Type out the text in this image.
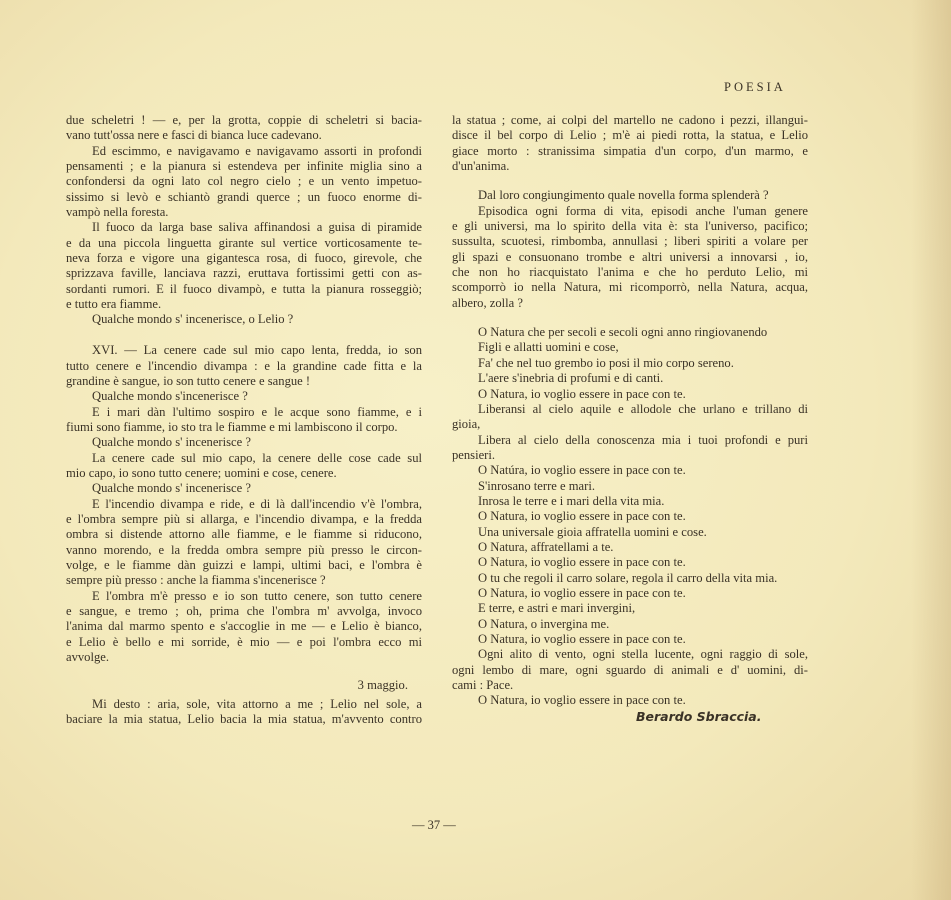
POESIA
due scheletri ! — e, per la grotta, coppie di scheletri si bacia-
vano tutt'ossa nere e fasci di bianca luce cadevano.
Ed escimmo, e navigavamo e navigavamo assorti in profondi
pensamenti ; e la pianura si estendeva per infinite miglia sino a
confondersi da ogni lato col negro cielo ; e un vento impetuo-
sissimo si levò e schiantò grandi querce ; un fuoco enorme di-
vampò nella foresta.
Il fuoco da larga base saliva affinandosi a guisa di piramide
e da una piccola linguetta girante sul vertice vorticosamente te-
neva forza e vigore una gigantesca rosa, di fuoco, girevole, che
sprizzava faville, lanciava razzi, eruttava fortissimi getti con as-
sordanti rumori. E il fuoco divampò, e tutta la pianura rosseggiò;
e tutto era fiamme.
Qualche mondo s' incenerisce, o Lelio ?
XVI. — La cenere cade sul mio capo lenta, fredda, io son
tutto cenere e l'incendio divampa : e la grandine cade fitta e la
grandine è sangue, io son tutto cenere e sangue !
Qualche mondo s'incenerisce ?
E i mari dàn l'ultimo sospiro e le acque sono fiamme, e i
fiumi sono fiamme, io sto tra le fiamme e mi lambiscono il corpo.
Qualche mondo s' incenerisce ?
La cenere cade sul mio capo, la cenere delle cose cade sul
mio capo, io sono tutto cenere; uomini e cose, cenere.
Qualche mondo s' incenerisce ?
E l'incendio divampa e ride, e di là dall'incendio v'è l'ombra,
e l'ombra sempre più si allarga, e l'incendio divampa, e la fredda
ombra si distende attorno alle fiamme, e le fiamme si riducono,
vanno morendo, e la fredda ombra sempre più presso le circon-
volge, e le fiamme dàn guizzi e lampi, ultimi baci, e l'ombra è
sempre più presso : anche la fiamma s'incenerisce ?
E l'ombra m'è presso e io son tutto cenere, son tutto cenere
e sangue, e tremo ; oh, prima che l'ombra m' avvolga, invoco
l'anima dal marmo spento e s'accoglie in me — e Lelio è bianco,
e Lelio è bello e mi sorride, è mio — e poi l'ombra ecco mi
avvolge.
3 maggio.
Mi desto : aria, sole, vita attorno a me ; Lelio nel sole, a
baciare la mia statua, Lelio bacia la mia statua, m'avvento contro
la statua ; come, ai colpi del martello ne cadono i pezzi, illangui-
disce il bel corpo di Lelio ; m'è ai piedi rotta, la statua, e Lelio
giace morto : stranissima simpatia d'un corpo, d'un marmo, e
d'un'anima.
Dal loro congiungimento quale novella forma splenderà ?
Episodica ogni forma di vita, episodi anche l'uman genere
e gli universi, ma lo spirito della vita è: sta l'universo, pacifico;
sussulta, scuotesi, rimbomba, annullasi ; liberi spiriti a volare per
gli spazi e consuonano trombe e altri universi a innovarsi , io,
che non ho riacquistato l'anima e che ho perduto Lelio, mi
scomporrò io nella Natura, mi ricomporrò, nella Natura, acqua,
albero, zolla ?
O Natura che per secoli e secoli ogni anno ringiovanendo
Figli e allatti uomini e cose,
Fa' che nel tuo grembo io posi il mio corpo sereno.
L'aere s'inebria di profumi e di canti.
O Natura, io voglio essere in pace con te.
Liberansi al cielo aquile e allodole che urlano e trillano di
gioia,
Libera al cielo della conoscenza mia i tuoi profondi e puri
pensieri.
O Natúra, io voglio essere in pace con te.
S'inrosano terre e mari.
Inrosa le terre e i mari della vita mia.
O Natura, io voglio essere in pace con te.
Una universale gioia affratella uomini e cose.
O Natura, affratellami a te.
O Natura, io voglio essere in pace con te.
O tu che regoli il carro solare, regola il carro della vita mia.
O Natura, io voglio essere in pace con te.
E terre, e astri e mari invergini,
O Natura, o invergina me.
O Natura, io voglio essere in pace con te.
Ogni alito di vento, ogni stella lucente, ogni raggio di sole,
ogni lembo di mare, ogni sguardo di animali e d' uomini, di-
cami : Pace.
O Natura, io voglio essere in pace con te.
Berardo Sbraccia.
— 37 —
